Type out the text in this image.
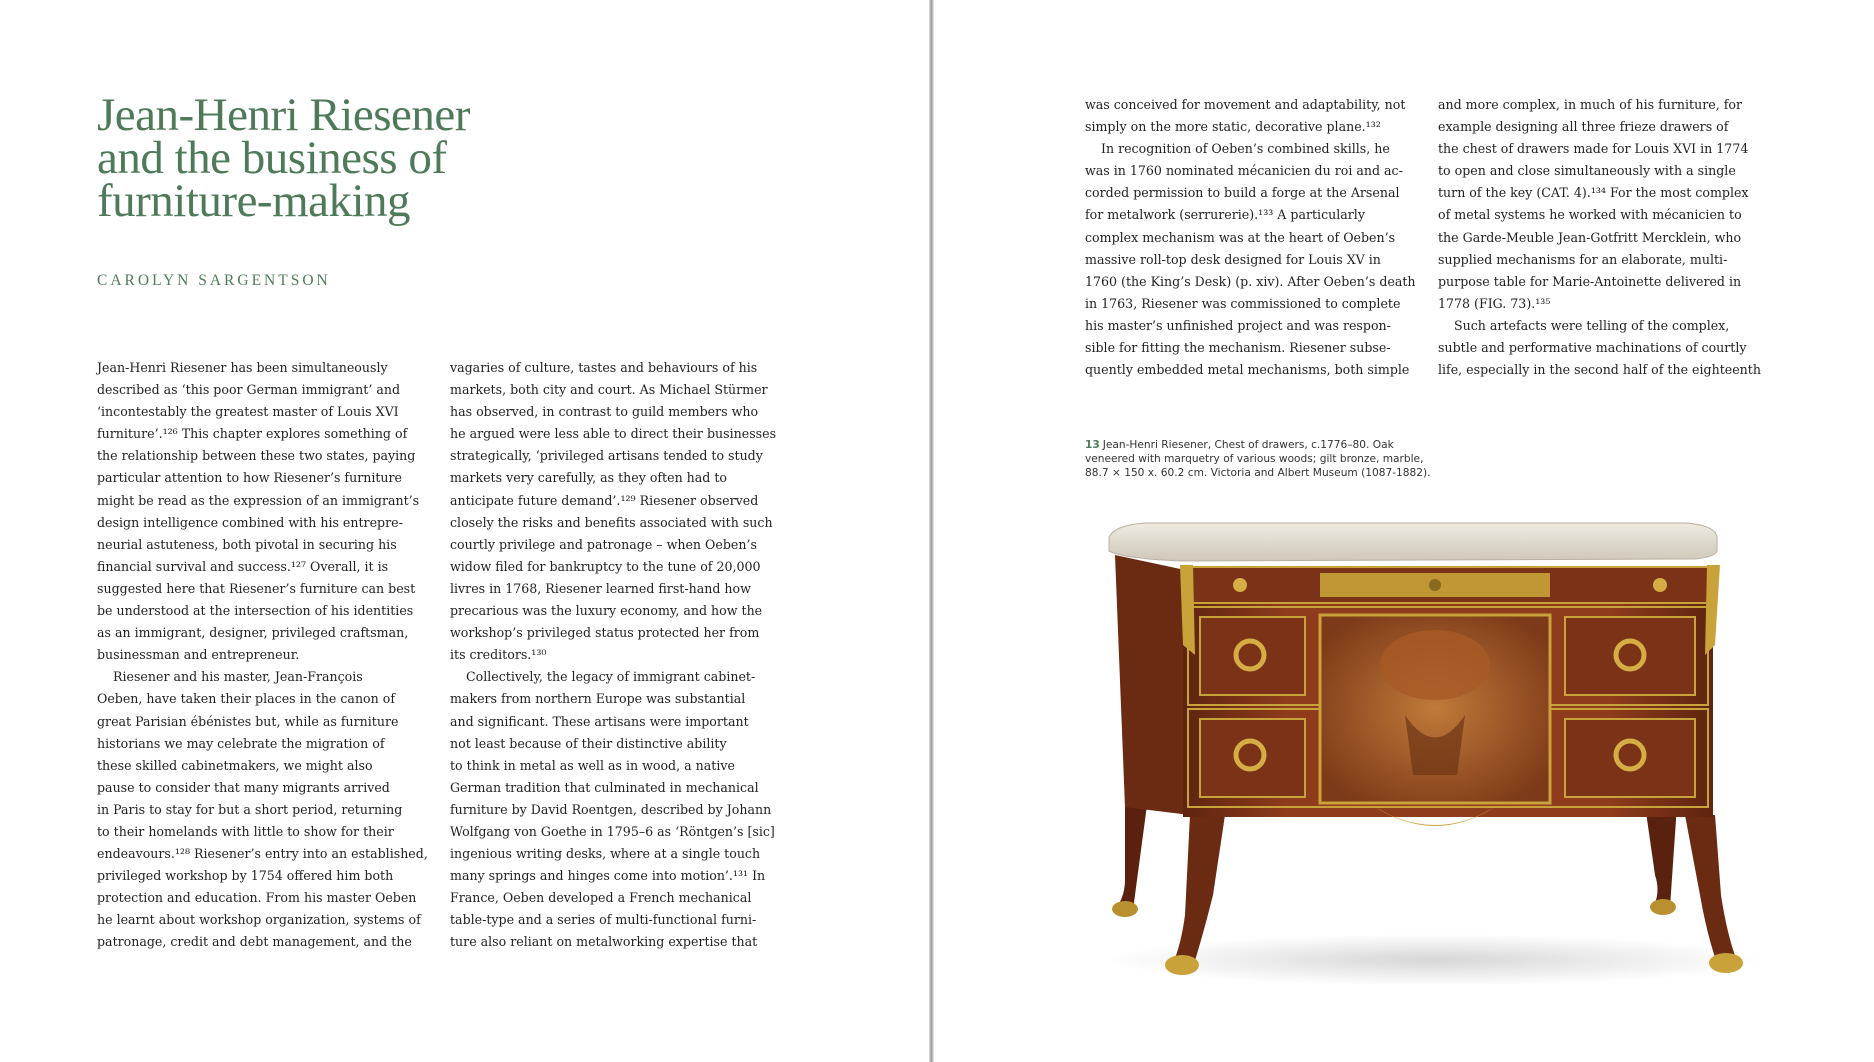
Jean-Henri Riesener
and the business of
furniture-making
CAROLYN SARGENTSON
Jean-Henri Riesener has been simultaneously
described as ‘this poor German immigrant’ and
‘incontestably the greatest master of Louis XVI
furniture’.¹²⁶ This chapter explores something of
the relationship between these two states, paying
particular attention to how Riesener’s furniture
might be read as the expression of an immigrant’s
design intelligence combined with his entrepre-
neurial astuteness, both pivotal in securing his
financial survival and success.¹²⁷ Overall, it is
suggested here that Riesener’s furniture can best
be understood at the intersection of his identities
as an immigrant, designer, privileged craftsman,
businessman and entrepreneur.
Riesener and his master, Jean-François
Oeben, have taken their places in the canon of
great Parisian ébénistes but, while as furniture
historians we may celebrate the migration of
these skilled cabinetmakers, we might also
pause to consider that many migrants arrived
in Paris to stay for but a short period, returning
to their homelands with little to show for their
endeavours.¹²⁸ Riesener’s entry into an established,
privileged workshop by 1754 offered him both
protection and education. From his master Oeben
he learnt about workshop organization, systems of
patronage, credit and debt management, and the
vagaries of culture, tastes and behaviours of his
markets, both city and court. As Michael Stürmer
has observed, in contrast to guild members who
he argued were less able to direct their businesses
strategically, ‘privileged artisans tended to study
markets very carefully, as they often had to
anticipate future demand’.¹²⁹ Riesener observed
closely the risks and benefits associated with such
courtly privilege and patronage – when Oeben’s
widow filed for bankruptcy to the tune of 20,000
livres in 1768, Riesener learned first-hand how
precarious was the luxury economy, and how the
workshop’s privileged status protected her from
its creditors.¹³⁰
Collectively, the legacy of immigrant cabinet-
makers from northern Europe was substantial
and significant. These artisans were important
not least because of their distinctive ability
to think in metal as well as in wood, a native
German tradition that culminated in mechanical
furniture by David Roentgen, described by Johann
Wolfgang von Goethe in 1795–6 as ‘Röntgen’s [sic]
ingenious writing desks, where at a single touch
many springs and hinges come into motion’.¹³¹ In
France, Oeben developed a French mechanical
table-type and a series of multi-functional furni-
ture also reliant on metalworking expertise that
was conceived for movement and adaptability, not
simply on the more static, decorative plane.¹³²
In recognition of Oeben’s combined skills, he
was in 1760 nominated mécanicien du roi and ac-
corded permission to build a forge at the Arsenal
for metalwork (serrurerie).¹³³ A particularly
complex mechanism was at the heart of Oeben’s
massive roll-top desk designed for Louis XV in
1760 (the King’s Desk) (p. xiv). After Oeben’s death
in 1763, Riesener was commissioned to complete
his master’s unfinished project and was respon-
sible for fitting the mechanism. Riesener subse-
quently embedded metal mechanisms, both simple
and more complex, in much of his furniture, for
example designing all three frieze drawers of
the chest of drawers made for Louis XVI in 1774
to open and close simultaneously with a single
turn of the key (CAT. 4).¹³⁴ For the most complex
of metal systems he worked with mécanicien to
the Garde-Meuble Jean-Gotfritt Mercklein, who
supplied mechanisms for an elaborate, multi-
purpose table for Marie-Antoinette delivered in
1778 (FIG. 73).¹³⁵
Such artefacts were telling of the complex,
subtle and performative machinations of courtly
life, especially in the second half of the eighteenth
13 Jean-Henri Riesener, Chest of drawers, c.1776–80. Oak
veneered with marquetry of various woods; gilt bronze, marble,
88.7 × 150 x. 60.2 cm. Victoria and Albert Museum (1087-1882).
